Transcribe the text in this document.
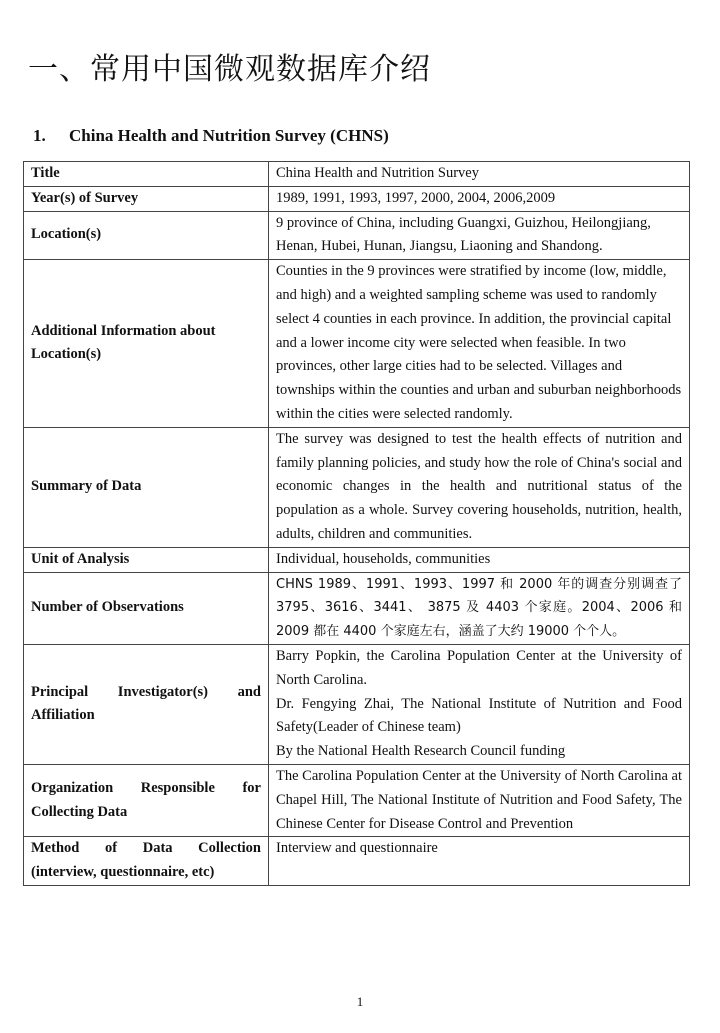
一、常用中国微观数据库介绍
1. China Health and Nutrition Survey (CHNS)
Title	China Health and Nutrition Survey
Year(s) of Survey	1989, 1991, 1993, 1997, 2000, 2004, 2006,2009
Location(s)	9 province of China, including Guangxi, Guizhou, Heilongjiang, Henan, Hubei, Hunan, Jiangsu, Liaoning and Shandong.
Additional Information about Location(s)	Counties in the 9 provinces were stratified by income (low, middle, and high) and a weighted sampling scheme was used to randomly select 4 counties in each province. In addition, the provincial capital and a lower income city were selected when feasible. In two provinces, other large cities had to be selected. Villages and townships within the counties and urban and suburban neighborhoods within the cities were selected randomly.
Summary of Data	The survey was designed to test the health effects of nutrition and family planning policies, and study how the role of China's social and economic changes in the health and nutritional status of the population as a whole. Survey covering households, nutrition, health, adults, children and communities.
Unit of Analysis	Individual, households, communities
Number of Observations	CHNS 1989、1991、1993、1997 和 2000 年的调查分别调查了 3795、3616、3441、 3875 及 4403 个家庭。2004、2006 和 2009 都在 4400 个家庭左右，涵盖了大约 19000 个个人。
Principal Investigator(s) and Affiliation	Barry Popkin, the Carolina Population Center at the University of North Carolina.
Dr. Fengying Zhai, The National Institute of Nutrition and Food Safety(Leader of Chinese team)
By the National Health Research Council funding

Organization Responsible for Collecting Data	The Carolina Population Center at the University of North Carolina at Chapel Hill, The National Institute of Nutrition and Food Safety, The Chinese Center for Disease Control and Prevention
Method of Data Collection (interview, questionnaire, etc)	Interview and questionnaire
1
